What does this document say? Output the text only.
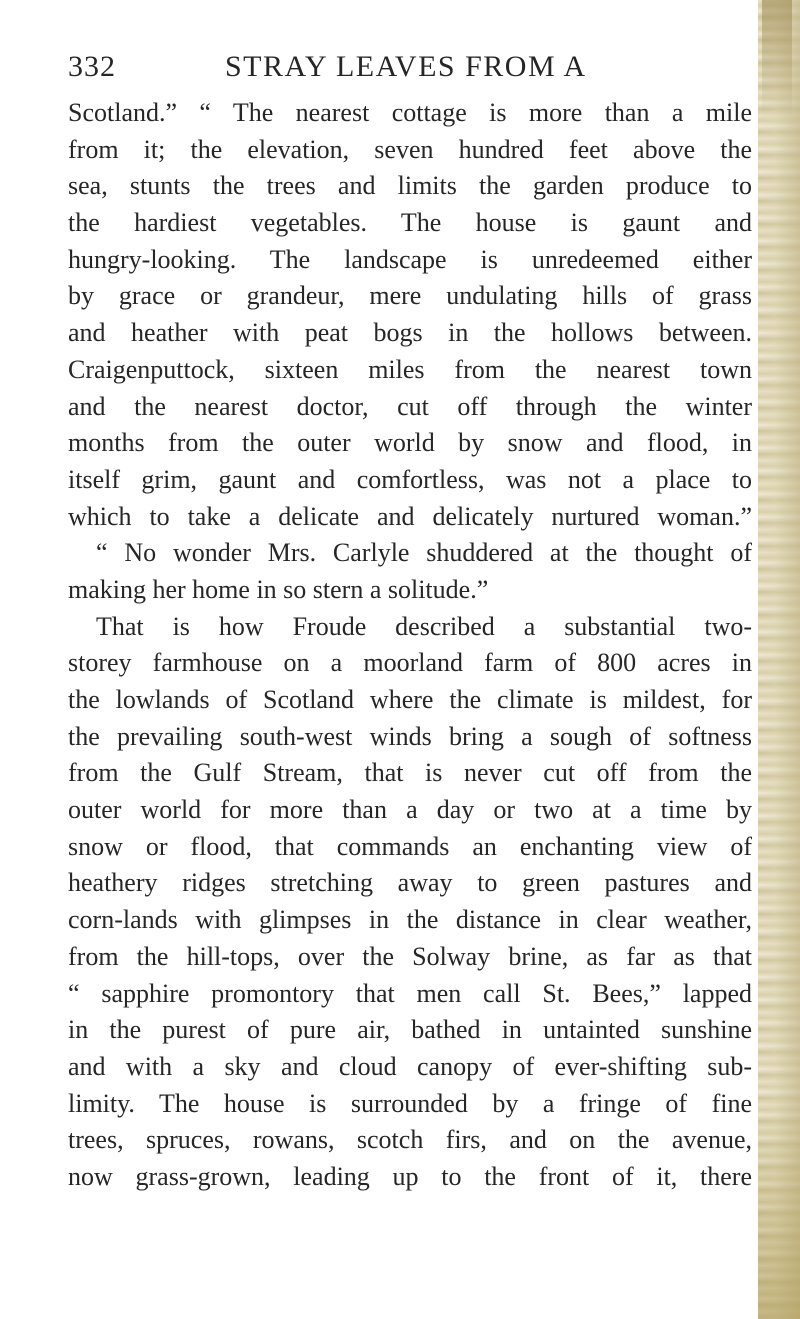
332	STRAY LEAVES FROM A
Scotland.” “ The nearest cottage is more than a mile
from it; the elevation, seven hundred feet above the
sea, stunts the trees and limits the garden produce to
the hardiest vegetables. The house is gaunt and
hungry-looking. The landscape is unredeemed either
by grace or grandeur, mere undulating hills of grass
and heather with peat bogs in the hollows between.
Craigenputtock, sixteen miles from the nearest town
and the nearest doctor, cut off through the winter
months from the outer world by snow and flood, in
itself grim, gaunt and comfortless, was not a place to
which to take a delicate and delicately nurtured woman.”
“ No wonder Mrs. Carlyle shuddered at the thought of
making her home in so stern a solitude.”
That is how Froude described a substantial two-
storey farmhouse on a moorland farm of 800 acres in
the lowlands of Scotland where the climate is mildest, for
the prevailing south-west winds bring a sough of softness
from the Gulf Stream, that is never cut off from the
outer world for more than a day or two at a time by
snow or flood, that commands an enchanting view of
heathery ridges stretching away to green pastures and
corn-lands with glimpses in the distance in clear weather,
from the hill-tops, over the Solway brine, as far as that
“ sapphire promontory that men call St. Bees,” lapped
in the purest of pure air, bathed in untainted sunshine
and with a sky and cloud canopy of ever-shifting sub-
limity. The house is surrounded by a fringe of fine
trees, spruces, rowans, scotch firs, and on the avenue,
now grass-grown, leading up to the front of it, there
